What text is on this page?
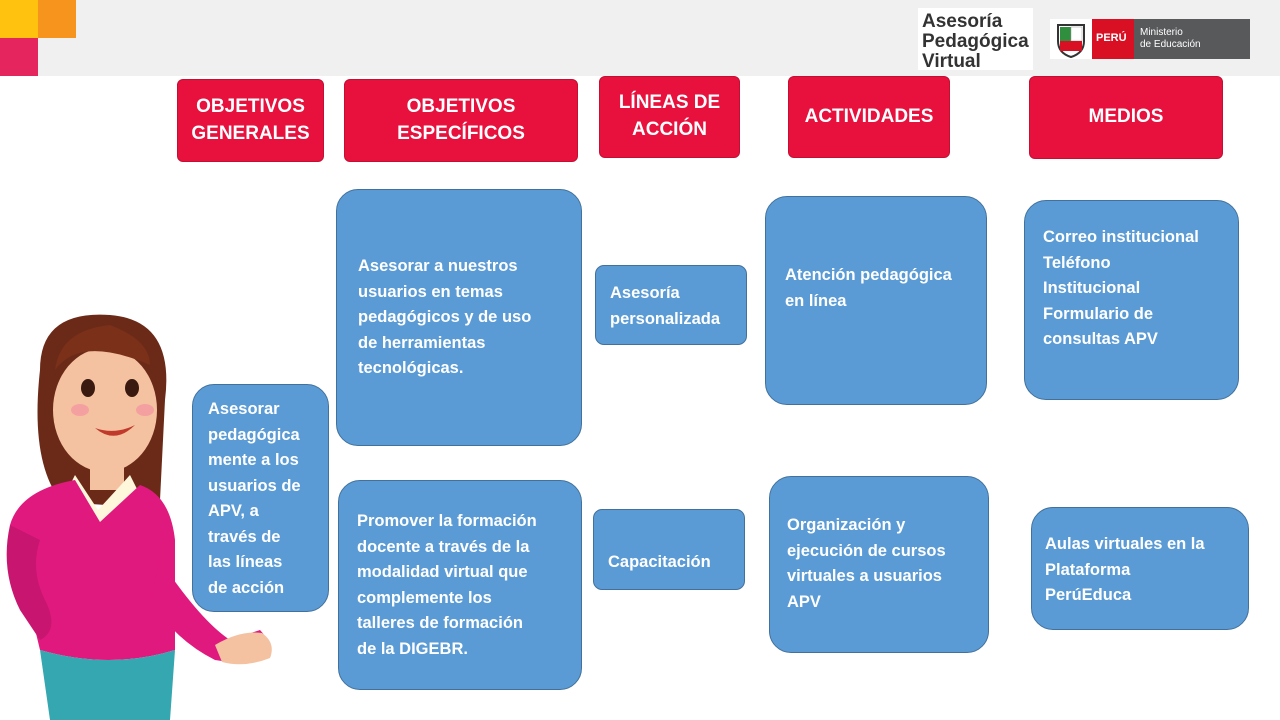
Asesoría
Pedagógica
Virtual
PERÚ Ministerio
de Educación
OBJETIVOS
GENERALES
OBJETIVOS
ESPECÍFICOS
LÍNEAS DE
ACCIÓN
ACTIVIDADES	MEDIOS
Asesorar
pedagógica
mente a los
usuarios de
APV, a
través de
las líneas
de acción
Asesorar a nuestros
usuarios en temas
pedagógicos y de uso
de herramientas
tecnológicas.
Promover la formación
docente a través de la
modalidad virtual que
complemente los
talleres de formación
de la DIGEBR.
Asesoría
personalizada

Capacitación

virtual

Atención pedagógica
en línea
Organización y
ejecución de cursos
virtuales a usuarios
APV
Correo institucional
Teléfono
Institucional
Formulario de
consultas APV
Aulas virtuales en la
Plataforma
PerúEduca
